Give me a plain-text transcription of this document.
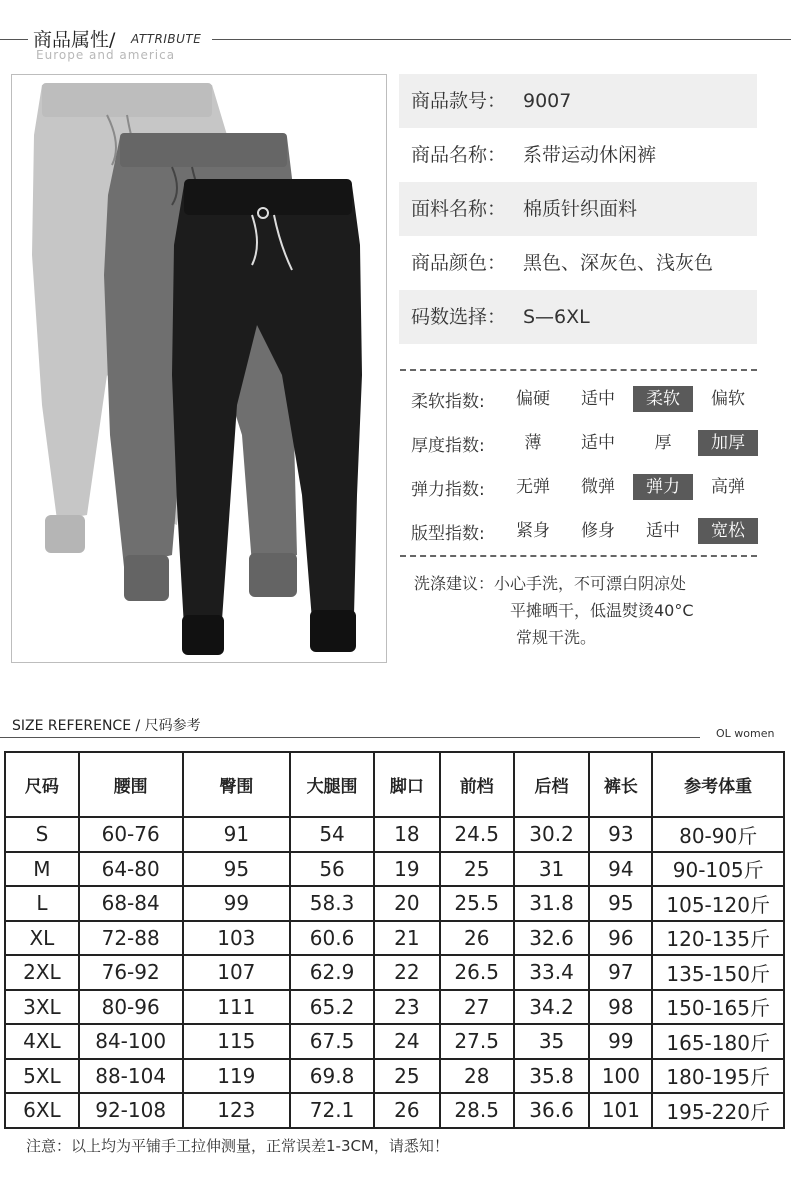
商品属性/ ATTRIBUTE
Europe and america
商品款号： 9007
商品名称： 系带运动休闲裤
面料名称： 棉质针织面料
商品颜色： 黑色、深灰色、浅灰色
码数选择： S—6XL
柔软指数:	偏硬	适中	柔软	偏软
厚度指数:	薄	适中	厚	加厚
弹力指数:	无弹	微弹	弹力	高弹
版型指数:	紧身	修身	适中	宽松
洗涤建议：小心手洗，不可漂白阴凉处
平摊晒干，低温熨烫40°C
常规干洗。
SIZE REFERENCE / 尺码参考	OL women
尺码	腰围	臀围	大腿围	脚口	前档	后档	裤长	参考体重
S	60-76	91	54	18	24.5	30.2	93	80-90斤
M	64-80	95	56	19	25	31	94	90-105斤
L	68-84	99	58.3	20	25.5	31.8	95	105-120斤
XL	72-88	103	60.6	21	26	32.6	96	120-135斤
2XL	76-92	107	62.9	22	26.5	33.4	97	135-150斤
3XL	80-96	111	65.2	23	27	34.2	98	150-165斤
4XL	84-100	115	67.5	24	27.5	35	99	165-180斤
5XL	88-104	119	69.8	25	28	35.8	100	180-195斤
6XL	92-108	123	72.1	26	28.5	36.6	101	195-220斤
注意：以上均为平铺手工拉伸测量，正常误差1-3CM，请悉知！
